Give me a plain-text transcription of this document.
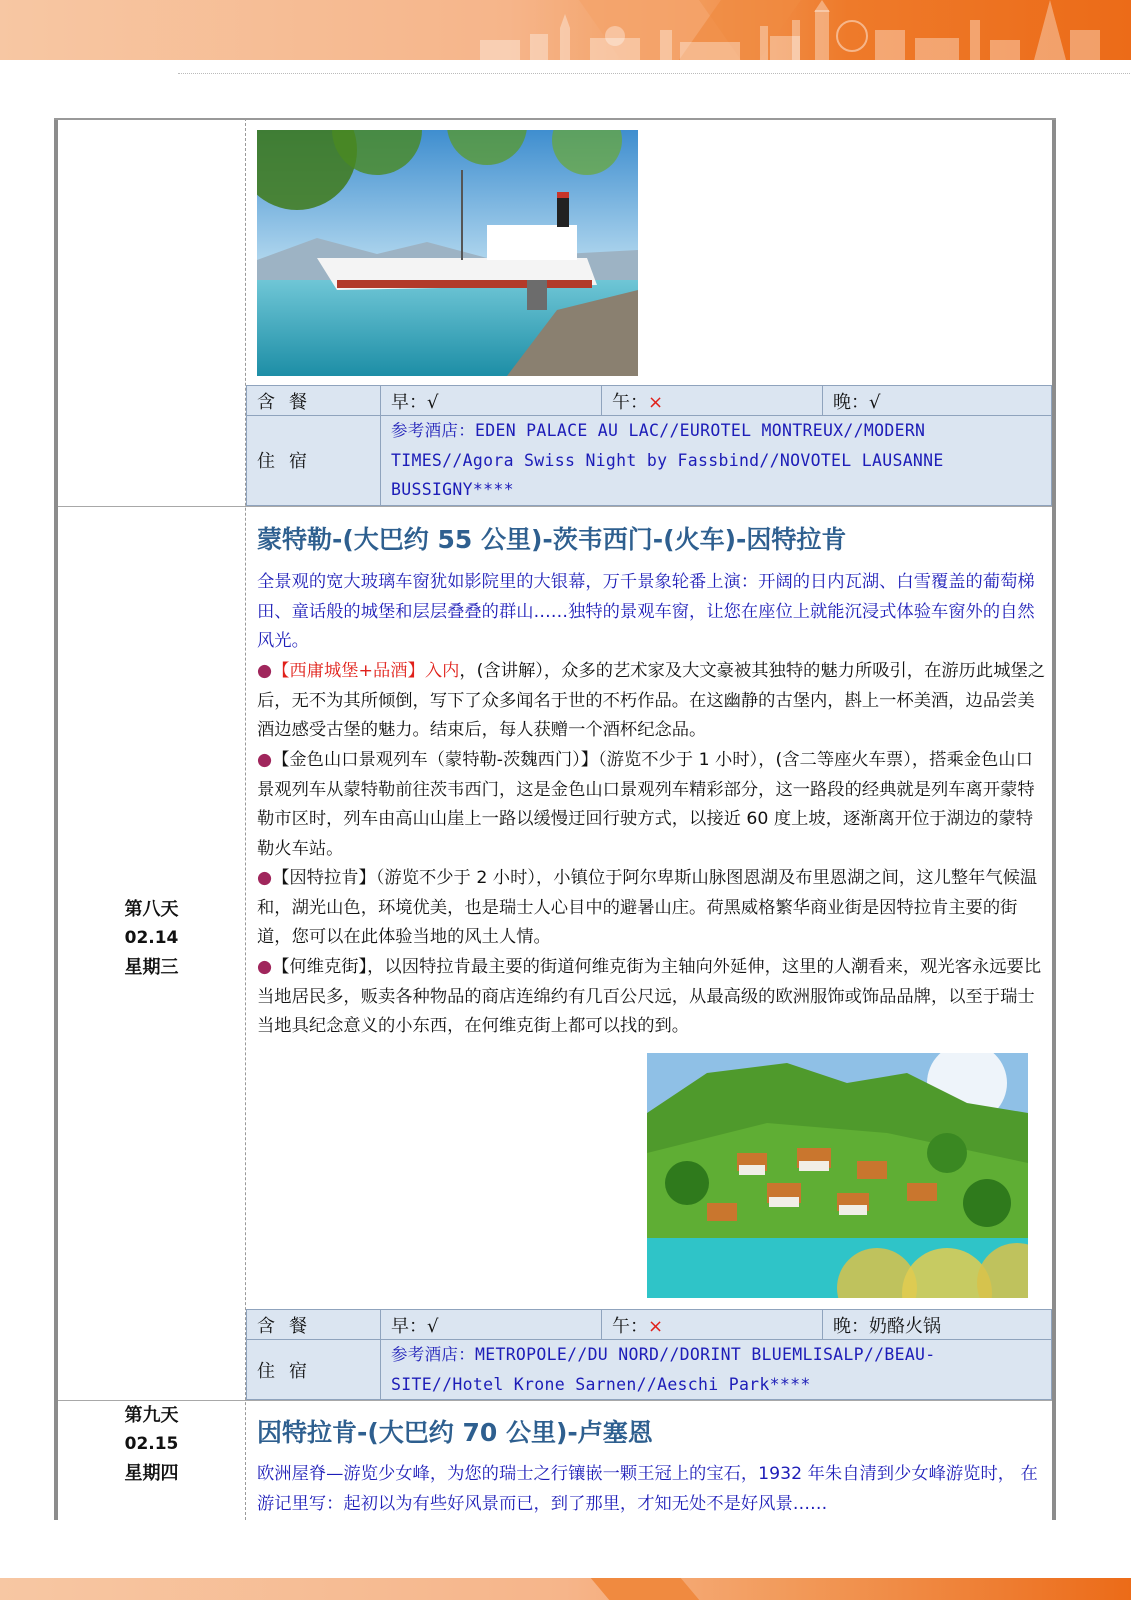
含餐	早：√	午：×	晚：√
住宿	参考酒店：EDEN PALACE AU LAC//EUROTEL MONTREUX//MODERN TIMES//Agora Swiss Night by Fassbind//NOVOTEL LAUSANNE BUSSIGNY****		
第八天
02.14
星期三
蒙特勒-(大巴约 55 公里)-茨韦西门-(火车)-因特拉肯
全景观的宽大玻璃车窗犹如影院里的大银幕，万千景象轮番上演：开阔的日内瓦湖、白雪覆盖的葡萄梯田、童话般的城堡和层层叠叠的群山……独特的景观车窗，让您在座位上就能沉浸式体验车窗外的自然风光。
●【西庸城堡+品酒】入内，(含讲解），众多的艺术家及大文豪被其独特的魅力所吸引，在游历此城堡之后，无不为其所倾倒，写下了众多闻名于世的不朽作品。在这幽静的古堡内，斟上一杯美酒，边品尝美酒边感受古堡的魅力。结束后，每人获赠一个酒杯纪念品。
●【金色山口景观列车（蒙特勒-茨魏西门）】（游览不少于 1 小时），(含二等座火车票），搭乘金色山口景观列车从蒙特勒前往茨韦西门，这是金色山口景观列车精彩部分，这一路段的经典就是列车离开蒙特勒市区时，列车由高山山崖上一路以缓慢迂回行驶方式，以接近 60 度上坡，逐渐离开位于湖边的蒙特勒火车站。
●【因特拉肯】（游览不少于 2 小时），小镇位于阿尔卑斯山脉图恩湖及布里恩湖之间，这儿整年气候温和，湖光山色，环境优美，也是瑞士人心目中的避暑山庄。荷黑威格繁华商业街是因特拉肯主要的街道，您可以在此体验当地的风土人情。
●【何维克街】，以因特拉肯最主要的街道何维克街为主轴向外延伸，这里的人潮看来，观光客永远要比当地居民多，贩卖各种物品的商店连绵约有几百公尺远，从最高级的欧洲服饰或饰品品牌，以至于瑞士当地具纪念意义的小东西，在何维克街上都可以找的到。
含餐	早：√	午：×	晚：奶酪火锅
住宿	参考酒店：METROPOLE//DU NORD//DORINT BLUEMLISALP//BEAU-SITE//Hotel Krone Sarnen//Aeschi Park****		
第九天
02.15
星期四
因特拉肯-(大巴约 70 公里)-卢塞恩
欧洲屋脊—游览少女峰，为您的瑞士之行镶嵌一颗王冠上的宝石，1932 年朱自清到少女峰游览时， 在游记里写：起初以为有些好风景而已，到了那里，才知无处不是好风景……
